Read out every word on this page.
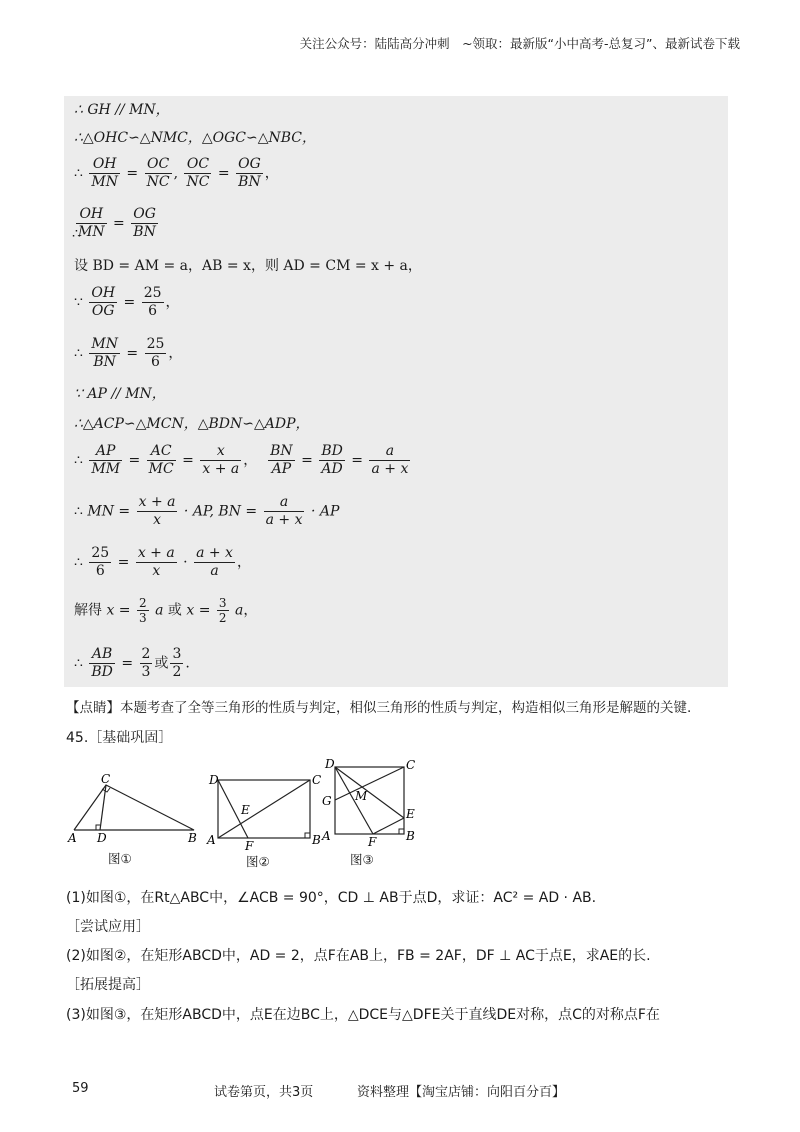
关注公众号：陆陆高分冲刺　~领取：最新版“小中高考-总复习”、最新试卷下载
∴ GH // MN，
∴△OHC∽△NMC，△OGC∽△NBC，
∴ $\frac{OH}{MN} = \frac{OC}{NC}$ , $\frac{OC}{NC} = \frac{OG}{BN}$ ，
$\frac{OH}{MN} = \frac{OG}{BN}$
∴
设 BD = AM = a，AB = x，则 AD = CM = x + a，
∵ $\frac{OH}{OG} = \frac{25}{6}$ ，
∴ $\frac{MN}{BN} = \frac{25}{6}$ ，
∵ AP // MN，
∴△ACP∽△MCN，△BDN∽△ADP，
∴ $\frac{AP}{MM} = \frac{AC}{MC} = \frac{x}{x + a}$ ， $\frac{BN}{AP} = \frac{BD}{AD} = \frac{a}{a + x}$
∴ MN = $\frac{x + a}{x}$ · AP, BN = $\frac{a}{a + x}$ · AP
∴ $\frac{25}{6} = \frac{x + a}{x} \cdot \frac{a + x}{a}$ ，
解得 $x = \frac{2}{3}$ a 或 $x = \frac{3}{2}$ a，
∴ $\frac{AB}{BD} = \frac{2}{3}$ 或 $\frac{3}{2}$ .
【点睛】本题考查了全等三角形的性质与判定，相似三角形的性质与判定，构造相似三角形是解题的关键.
45.［基础巩固］
C
A D	B
图①
D	C
E
A F	B
图②
D	C
M
G
E
A	F B
图③
(1)如图①，在Rt△ABC中，∠ACB = 90°，CD ⊥ AB于点D，求证：AC² = AD · AB.
［尝试应用］
(2)如图②，在矩形ABCD中，AD = 2，点F在AB上，FB = 2AF，DF ⊥ AC于点E，求AE的长.
［拓展提高］
(3)如图③，在矩形ABCD中，点E在边BC上，△DCE与△DFE关于直线DE对称，点C的对称点F在
59	试卷第页，共3页	资料整理【淘宝店铺：向阳百分百】
